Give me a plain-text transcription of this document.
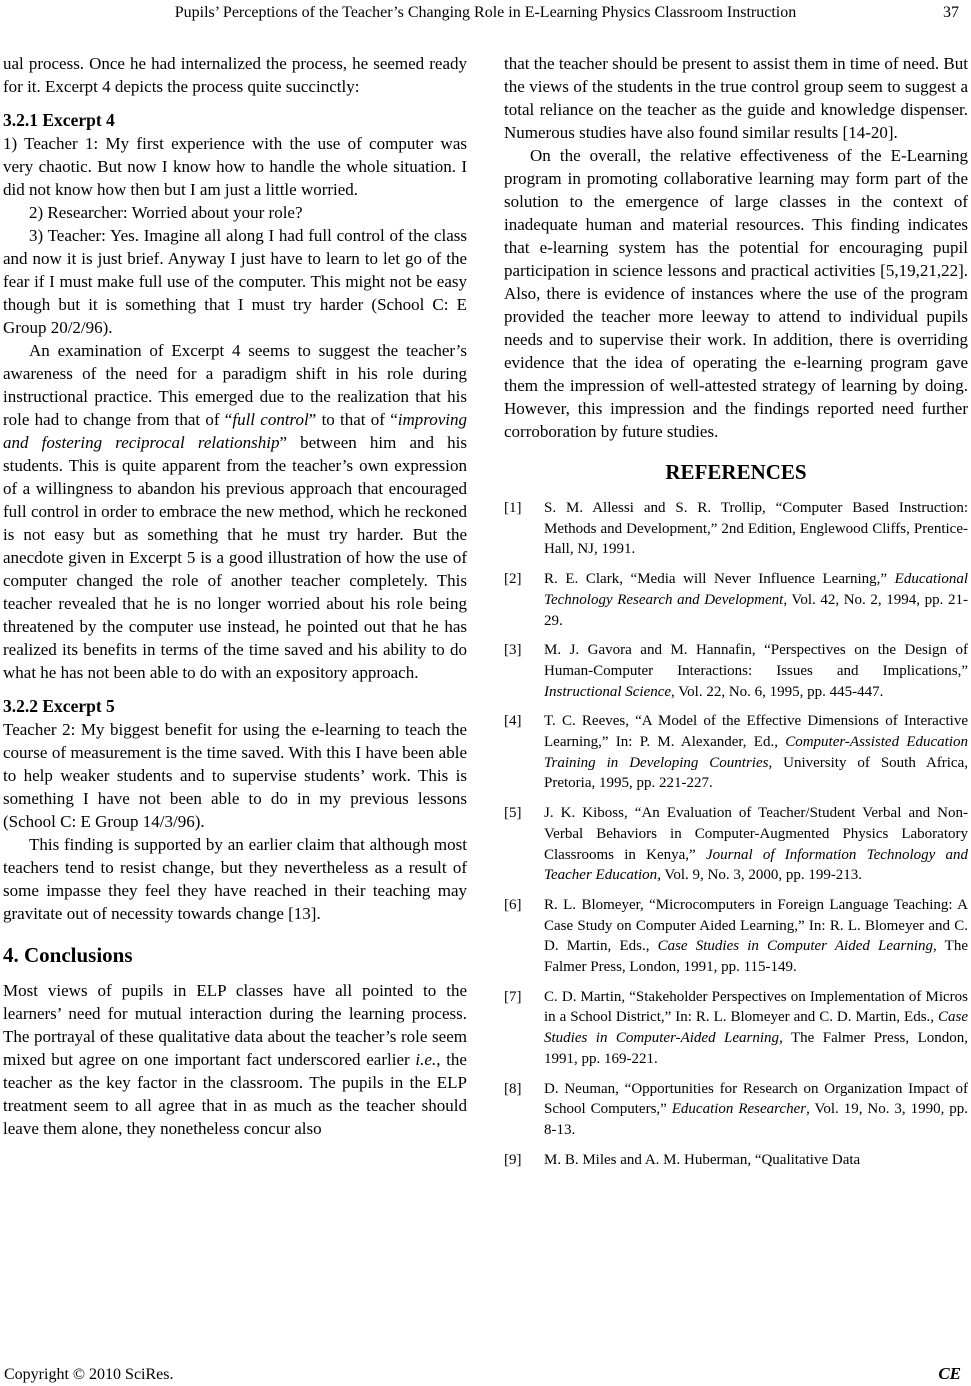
Pupils’ Perceptions of the Teacher’s Changing Role in E-Learning Physics Classroom Instruction	37

ual process. Once he had internalized the process, he seemed ready for it. Excerpt 4 depicts the process quite succinctly:

3.2.1 Excerpt 4

1) Teacher 1: My first experience with the use of computer was very chaotic. But now I know how to handle the whole situation. I did not know how then but I am just a little worried.

2) Researcher: Worried about your role?

3) Teacher: Yes. Imagine all along I had full control of the class and now it is just brief. Anyway I just have to learn to let go of the fear if I must make full use of the computer. This might not be easy though but it is something that I must try harder (School C: E Group 20/2/96).

An examination of Excerpt 4 seems to suggest the teacher’s awareness of the need for a paradigm shift in his role during instructional practice. This emerged due to the realization that his role had to change from that of “full control” to that of “improving and fostering reciprocal relationship” between him and his students. This is quite apparent from the teacher’s own expression of a willingness to abandon his previous approach that encouraged full control in order to embrace the new method, which he reckoned is not easy but as something that he must try harder. But the anecdote given in Excerpt 5 is a good illustration of how the use of computer changed the role of another teacher completely. This teacher revealed that he is no longer worried about his role being threatened by the computer use instead, he pointed out that he has realized its benefits in terms of the time saved and his ability to do what he has not been able to do with an expository approach.

3.2.2 Excerpt 5

Teacher 2: My biggest benefit for using the e-learning to teach the course of measurement is the time saved. With this I have been able to help weaker students and to supervise students’ work. This is something I have not been able to do in my previous lessons (School C: E Group 14/3/96).

This finding is supported by an earlier claim that although most teachers tend to resist change, but they nevertheless as a result of some impasse they feel they have reached in their teaching may gravitate out of necessity towards change [13].

4. Conclusions

Most views of pupils in ELP classes have all pointed to the learners’ need for mutual interaction during the learning process. The portrayal of these qualitative data about the teacher’s role seem mixed but agree on one important fact underscored earlier i.e., the teacher as the key factor in the classroom. The pupils in the ELP treatment seem to all agree that in as much as the teacher should leave them alone, they nonetheless concur also

that the teacher should be present to assist them in time of need. But the views of the students in the true control group seem to suggest a total reliance on the teacher as the guide and knowledge dispenser. Numerous studies have also found similar results [14-20].

On the overall, the relative effectiveness of the E-Learning program in promoting collaborative learning may form part of the solution to the emergence of large classes in the context of inadequate human and material resources. This finding indicates that e-learning system has the potential for encouraging pupil participation in science lessons and practical activities [5,19,21,22]. Also, there is evidence of instances where the use of the program provided the teacher more leeway to attend to individual pupils needs and to supervise their work. In addition, there is overriding evidence that the idea of operating the e-learning program gave them the impression of well-attested strategy of learning by doing. However, this impression and the findings reported need further corroboration by future studies.

REFERENCES
[1]	S. M. Allessi and S. R. Trollip, “Computer Based Instruction: Methods and Development,” 2nd Edition, Englewood Cliffs, Prentice-Hall, NJ, 1991.
[2]	R. E. Clark, “Media will Never Influence Learning,” Educational Technology Research and Development, Vol. 42, No. 2, 1994, pp. 21-29.
[3]	M. J. Gavora and M. Hannafin, “Perspectives on the Design of Human-Computer Interactions: Issues and Implications,” Instructional Science, Vol. 22, No. 6, 1995, pp. 445-447.
[4]	T. C. Reeves, “A Model of the Effective Dimensions of Interactive Learning,” In: P. M. Alexander, Ed., Computer-Assisted Education Training in Developing Countries, University of South Africa, Pretoria, 1995, pp. 221-227.
[5]	J. K. Kiboss, “An Evaluation of Teacher/Student Verbal and Non-Verbal Behaviors in Computer-Augmented Physics Laboratory Classrooms in Kenya,” Journal of Information Technology and Teacher Education, Vol. 9, No. 3, 2000, pp. 199-213.
[6]	R. L. Blomeyer, “Microcomputers in Foreign Language Teaching: A Case Study on Computer Aided Learning,” In: R. L. Blomeyer and C. D. Martin, Eds., Case Studies in Computer Aided Learning, The Falmer Press, London, 1991, pp. 115-149.
[7]	C. D. Martin, “Stakeholder Perspectives on Implementation of Micros in a School District,” In: R. L. Blomeyer and C. D. Martin, Eds., Case Studies in Computer-Aided Learning, The Falmer Press, London, 1991, pp. 169-221.
[8]	D. Neuman, “Opportunities for Research on Organization Impact of School Computers,” Education Researcher, Vol. 19, No. 3, 1990, pp. 8-13.
[9]	M. B. Miles and A. M. Huberman, “Qualitative Data
Copyright © 2010 SciRes.	CE
